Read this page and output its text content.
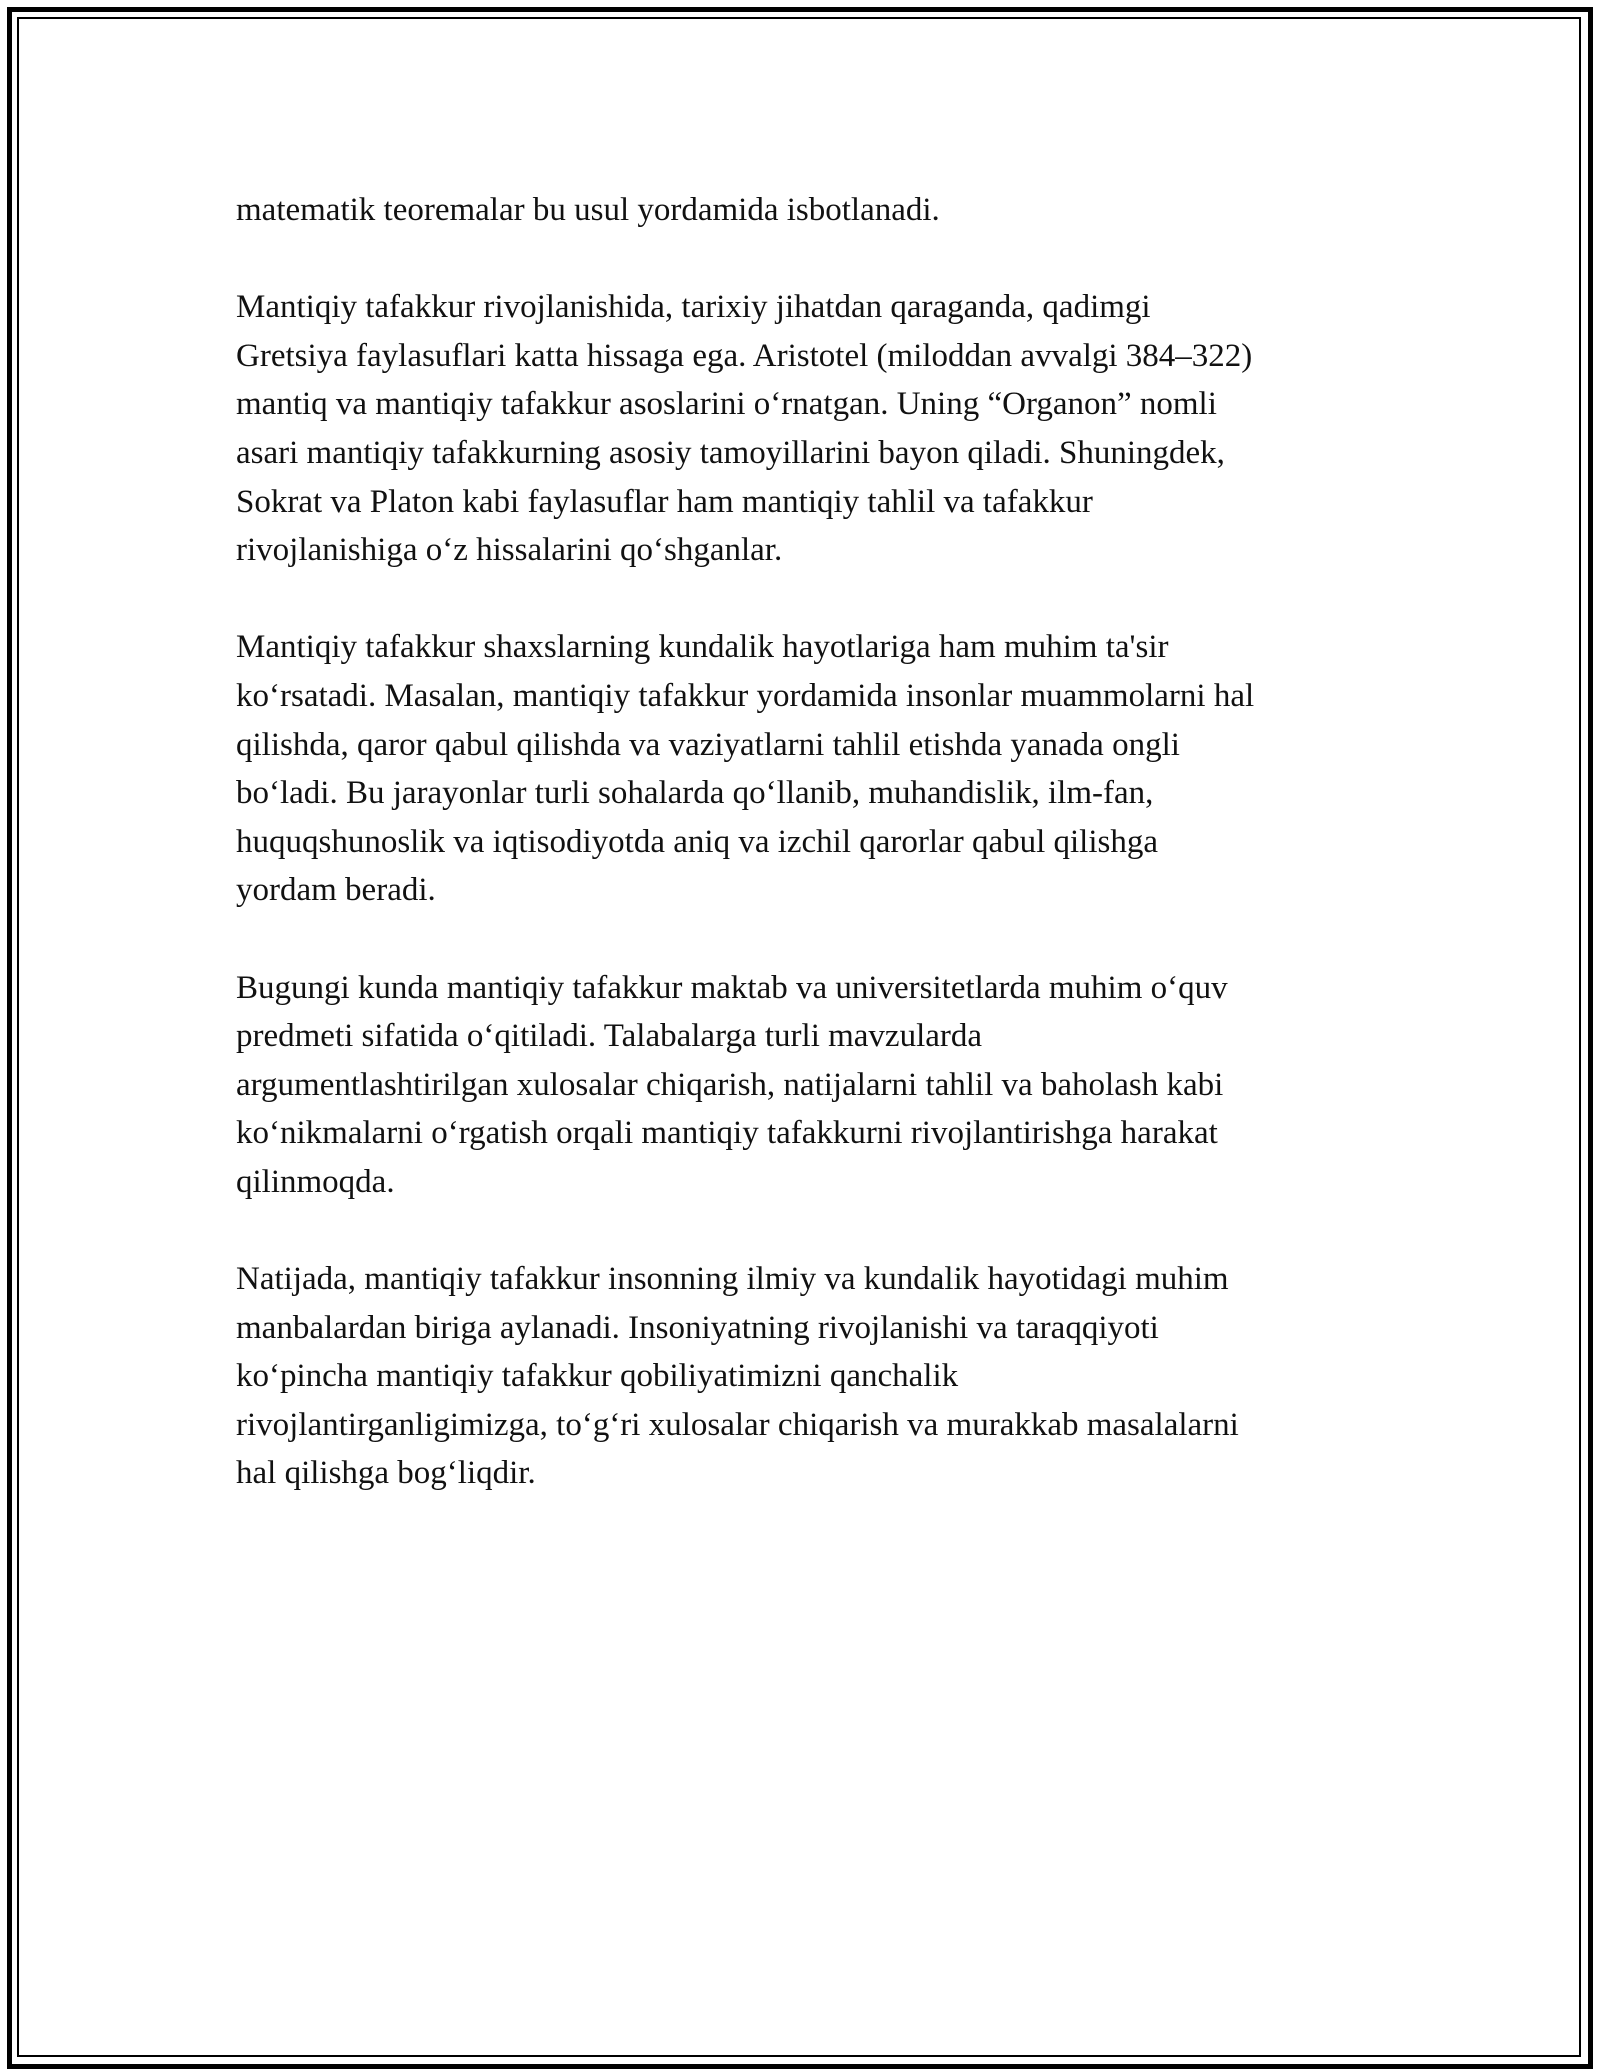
matematik teoremalar bu usul yordamida isbotlanadi.

Mantiqiy tafakkur rivojlanishida, tarixiy jihatdan qaraganda, qadimgi
Gretsiya faylasuflari katta hissaga ega. Aristotel (miloddan avvalgi 384–322)
mantiq va mantiqiy tafakkur asoslarini oʻrnatgan. Uning “Organon” nomli
asari mantiqiy tafakkurning asosiy tamoyillarini bayon qiladi. Shuningdek,
Sokrat va Platon kabi faylasuflar ham mantiqiy tahlil va tafakkur
rivojlanishiga oʻz hissalarini qoʻshganlar.

Mantiqiy tafakkur shaxslarning kundalik hayotlariga ham muhim ta'sir
koʻrsatadi. Masalan, mantiqiy tafakkur yordamida insonlar muammolarni hal
qilishda, qaror qabul qilishda va vaziyatlarni tahlil etishda yanada ongli
boʻladi. Bu jarayonlar turli sohalarda qoʻllanib, muhandislik, ilm-fan,
huquqshunoslik va iqtisodiyotda aniq va izchil qarorlar qabul qilishga
yordam beradi.

Bugungi kunda mantiqiy tafakkur maktab va universitetlarda muhim oʻquv
predmeti sifatida oʻqitiladi. Talabalarga turli mavzularda
argumentlashtirilgan xulosalar chiqarish, natijalarni tahlil va baholash kabi
koʻnikmalarni oʻrgatish orqali mantiqiy tafakkurni rivojlantirishga harakat
qilinmoqda.

Natijada, mantiqiy tafakkur insonning ilmiy va kundalik hayotidagi muhim
manbalardan biriga aylanadi. Insoniyatning rivojlanishi va taraqqiyoti
koʻpincha mantiqiy tafakkur qobiliyatimizni qanchalik
rivojlantirganligimizga, toʻgʻri xulosalar chiqarish va murakkab masalalarni
hal qilishga bogʻliqdir.
